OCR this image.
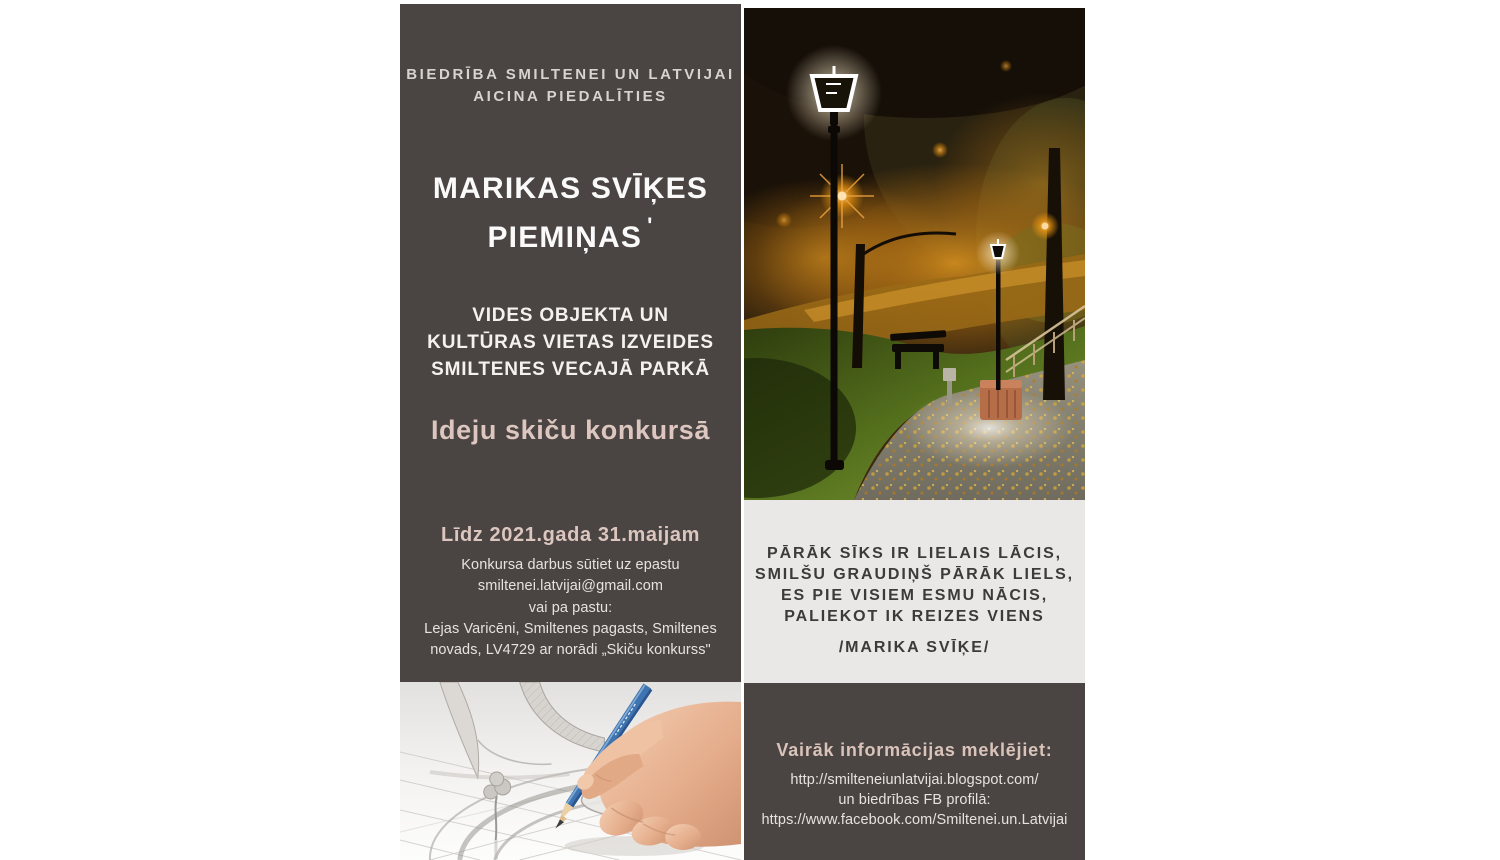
BIEDRĪBA SMILTENEI UN LATVIJAI
AICINA PIEDALĪTIES
MARIKAS SVĪĶES
PIEMIŅAS '
VIDES OBJEKTA UN
KULTŪRAS VIETAS IZVEIDES
SMILTENES VECAJĀ PARKĀ
Ideju skiču konkursā
Līdz 2021.gada 31.maijam
Konkursa darbus sūtiet uz epastu
smiltenei.latvijai@gmail.com
vai pa pastu:
Lejas Varicēni, Smiltenes pagasts, Smiltenes
novads, LV4729 ar norādi „Skiču konkurss"
PĀRĀK SĪKS IR LIELAIS LĀCIS,
SMILŠU GRAUDIŅŠ PĀRĀK LIELS,
ES PIE VISIEM ESMU NĀCIS,
PALIEKOT IK REIZES VIENS
/MARIKA SVĪĶE/
Vairāk informācijas meklējiet:
http://smilteneiunlatvijai.blogspot.com/
un biedrības FB profilā:
https://www.facebook.com/Smiltenei.un.Latvijai
